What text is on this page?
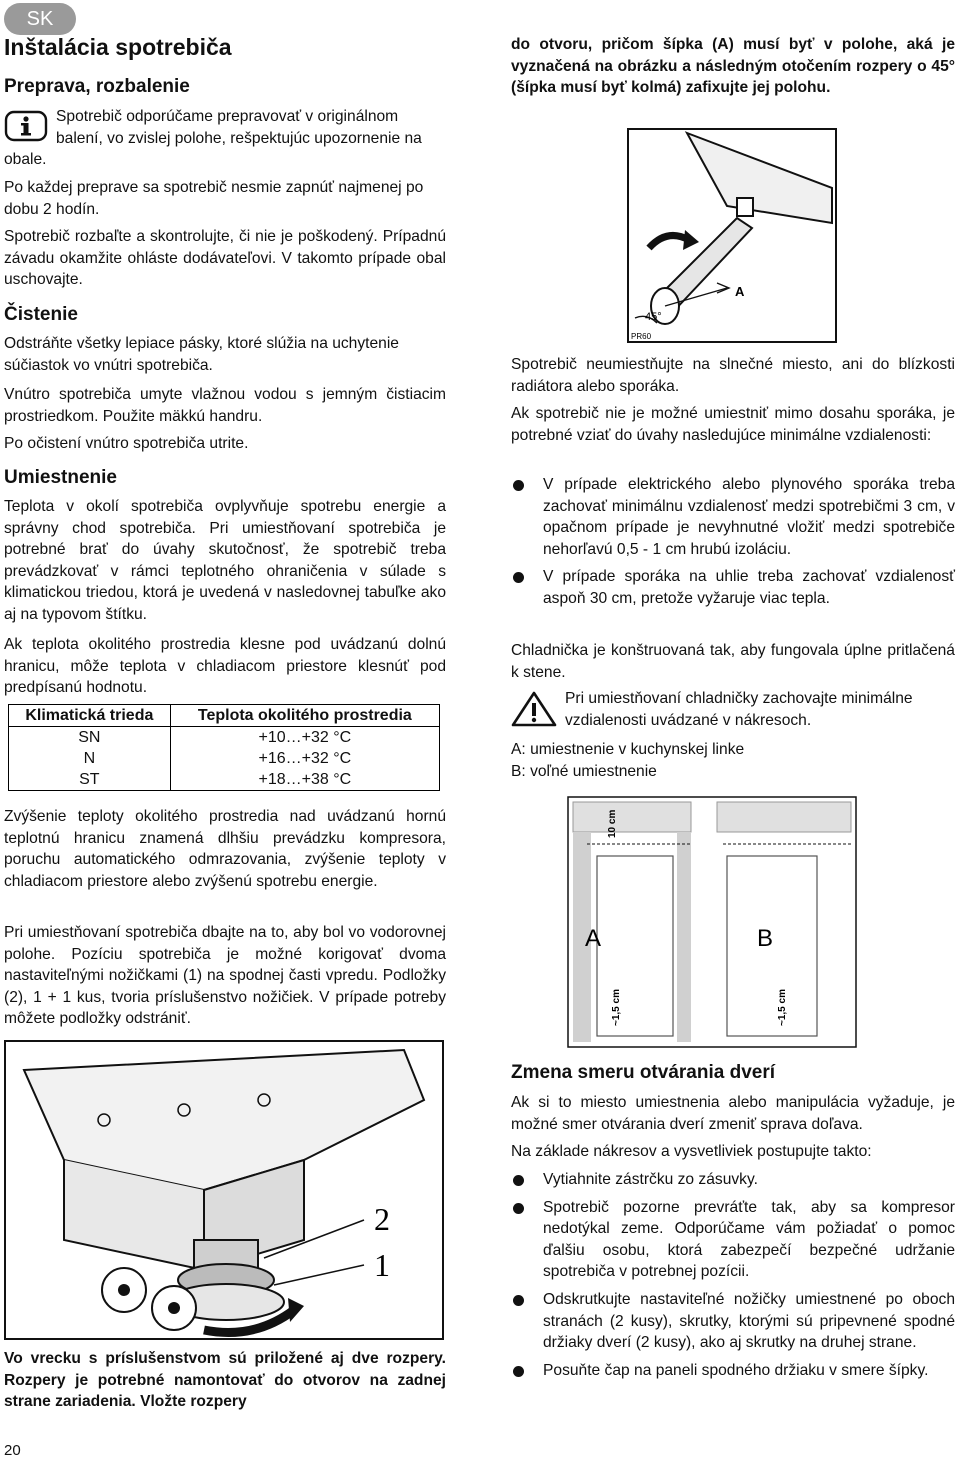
SK
Inštalácia spotrebiča
Preprava, rozbalenie

Spotrebič odporúčame prepravovať v originálnom balení, vo zvislej polohe, rešpektujúc upozornenie na obale.

Po každej preprave sa spotrebič nesmie zapnúť najmenej po dobu 2 hodín.

Spotrebič rozbaľte a skontrolujte, či nie je poškodený. Prípadnú závadu okamžite ohláste dodávateľovi. V takomto prípade obal uschovajte.

Čistenie

Odstráňte všetky lepiace pásky, ktoré slúžia na uchytenie súčiastok vo vnútri spotrebiča.

Vnútro spotrebiča umyte vlažnou vodou s jemným čistiacim prostriedkom. Použite mäkkú handru.

Po očistení vnútro spotrebiča utrite.

Umiestnenie

Teplota v okolí spotrebiča ovplyvňuje spotrebu energie a správny chod spotrebiča. Pri umiestňovaní spotrebiča je potrebné brať do úvahy skutočnosť, že spotrebič treba prevádzkovať v rámci teplotného ohraničenia v súlade s klimatickou triedou, ktorá je uvedená v nasledovnej tabuľke ako aj na typovom štítku.

Ak teplota okolitého prostredia klesne pod uvádzanú dolnú hranicu, môže teplota v chladiacom priestore klesnúť pod predpísanú hodnotu.

Klimatická trieda	Teplota okolitého prostredia
SN	+10…+32 °C
N	+16…+32 °C
ST	+18…+38 °C

Zvýšenie teploty okolitého prostredia nad uvádzanú hornú teplotnú hranicu znamená dlhšiu prevádzku kompresora, poruchu automatického odmrazovania, zvýšenie teploty v chladiacom priestore alebo zvýšenú spotrebu energie.

Pri umiestňovaní spotrebiča dbajte na to, aby bol vo vodorovnej polohe. Pozíciu spotrebiča je možné korigovať dvoma nastaviteľnými nožičkami (1) na spodnej časti vpredu. Podložky (2), 1 + 1 kus, tvoria príslušenstvo nožičiek. V prípade potreby môžete podložky odstrániť.

2
1

Vo vrecku s príslušenstvom sú priložené aj dve rozpery. Rozpery je potrebné namontovať do otvorov na zadnej strane zariadenia. Vložte rozpery

do otvoru, pričom šípka (A) musí byť v polohe, aká je vyznačená na obrázku a následným otočením rozpery o 45° (šípka musí byť kolmá) zafixujte jej polohu.

45°
A
PR60

Spotrebič neumiestňujte na slnečné miesto, ani do blízkosti radiátora alebo sporáka.

Ak spotrebič nie je možné umiestniť mimo dosahu sporáka, je potrebné vziať do úvahy nasledujúce minimálne vzdialenosti:

V prípade elektrického alebo plynového sporáka treba zachovať minimálnu vzdialenosť medzi spotrebičmi 3 cm, v opačnom prípade je nevyhnutné vložiť medzi spotrebiče nehorľavú 0,5 - 1 cm hrubú izoláciu.
V prípade sporáka na uhlie treba zachovať vzdialenosť aspoň 30 cm, pretože vyžaruje viac tepla.

Chladnička je konštruovaná tak, aby fungovala úplne pritlačená k stene.

Pri umiestňovaní chladničky zachovajte minimálne vzdialenosti uvádzané v nákresoch.

A: umiestnenie v kuchynskej linke

B: voľné umiestnenie

A	B
10 cm
~1,5 cm	~1,5 cm
Zmena smeru otvárania dverí

Ak si to miesto umiestnenia alebo manipulácia vyžaduje, je možné smer otvárania dverí zmeniť sprava doľava.

Na základe nákresov a vysvetliviek postupujte takto:

Vytiahnite zástrčku zo zásuvky.
Spotrebič pozorne prevráťte tak, aby sa kompresor nedotýkal zeme. Odporúčame vám požiadať o pomoc ďalšiu osobu, ktorá zabezpečí bezpečné udržanie spotrebiča v potrebnej pozícii.
Odskrutkujte nastaviteľné nožičky umiestnené po oboch stranách (2 kusy), skrutky, ktorými sú pripevnené spodné držiaky dverí (2 kusy), ako aj skrutky na druhej strane.
Posuňte čap na paneli spodného držiaku v smere šípky.
20
